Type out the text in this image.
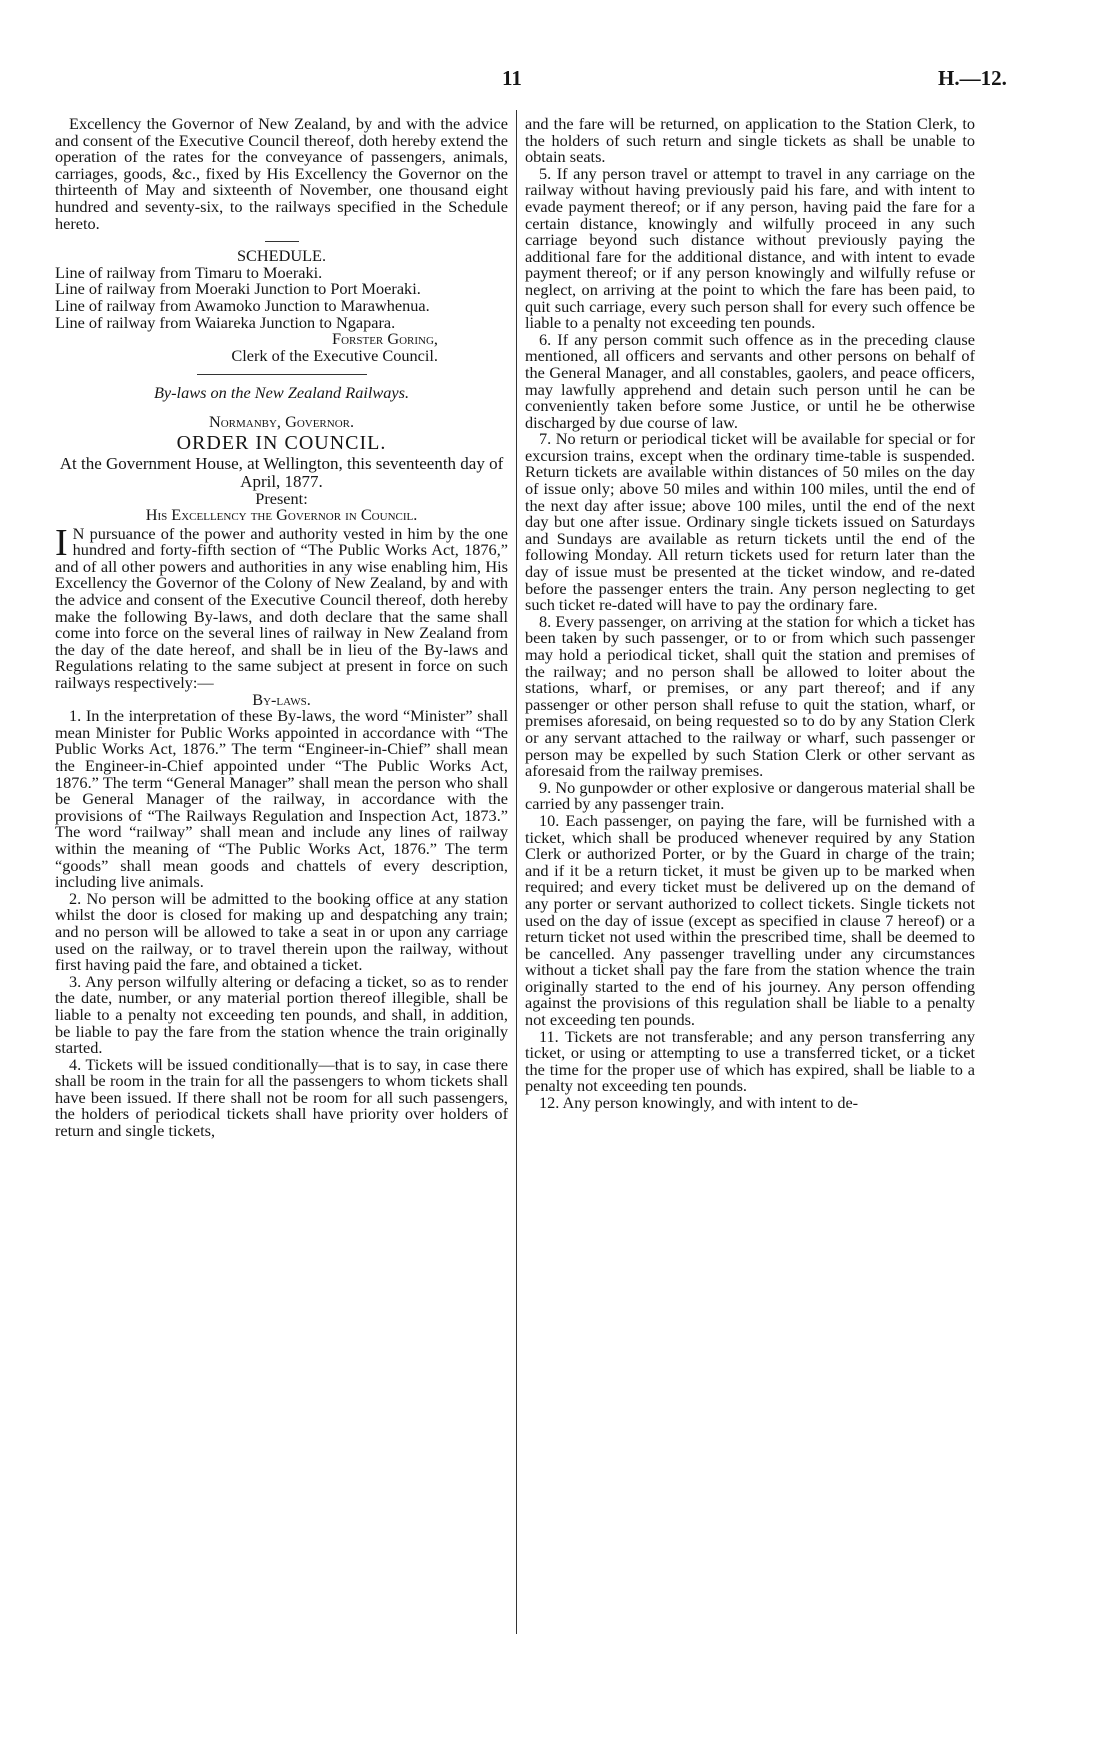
11	H.—12.

Excellency the Governor of New Zealand, by and with the advice and consent of the Executive Council thereof, doth hereby extend the operation of the rates for the conveyance of passengers, animals, carriages, goods, &c., fixed by His Excellency the Governor on the thirteenth of May and sixteenth of November, one thousand eight hundred and seventy-six, to the railways specified in the Schedule hereto.

SCHEDULE.

Line of railway from Timaru to Moeraki.

Line of railway from Moeraki Junction to Port Moeraki.

Line of railway from Awamoko Junction to Marawhenua.

Line of railway from Waiareka Junction to Ngapara.

Forster Goring,

Clerk of the Executive Council.

By-laws on the New Zealand Railways.

Normanby, Governor.

ORDER IN COUNCIL.

At the Government House, at Wellington, this seventeenth day of April, 1877.

Present:

His Excellency the Governor in Council.

I N pursuance of the power and authority vested in him by the one hundred and forty-fifth section of “The Public Works Act, 1876,” and of all other powers and authorities in any wise enabling him, His Excellency the Governor of the Colony of New Zealand, by and with the advice and consent of the Executive Council thereof, doth hereby make the following By-laws, and doth declare that the same shall come into force on the several lines of railway in New Zealand from the day of the date hereof, and shall be in lieu of the By-laws and Regulations relating to the same subject at present in force on such railways respectively:—

By-laws.

1. In the interpretation of these By-laws, the word “Minister” shall mean Minister for Public Works appointed in accordance with “The Public Works Act, 1876.” The term “Engineer-in-Chief” shall mean the Engineer-in-Chief appointed under “The Public Works Act, 1876.” The term “General Manager” shall mean the person who shall be General Manager of the railway, in accordance with the provisions of “The Railways Regulation and Inspection Act, 1873.” The word “railway” shall mean and include any lines of railway within the meaning of “The Public Works Act, 1876.” The term “goods” shall mean goods and chattels of every description, including live animals.

2. No person will be admitted to the booking office at any station whilst the door is closed for making up and despatching any train; and no person will be allowed to take a seat in or upon any carriage used on the railway, or to travel therein upon the railway, without first having paid the fare, and obtained a ticket.

3. Any person wilfully altering or defacing a ticket, so as to render the date, number, or any material portion thereof illegible, shall be liable to a penalty not exceeding ten pounds, and shall, in addition, be liable to pay the fare from the station whence the train originally started.

4. Tickets will be issued conditionally—that is to say, in case there shall be room in the train for all the passengers to whom tickets shall have been issued. If there shall not be room for all such passengers, the holders of periodical tickets shall have priority over holders of return and single tickets,

and the fare will be returned, on application to the Station Clerk, to the holders of such return and single tickets as shall be unable to obtain seats.

5. If any person travel or attempt to travel in any carriage on the railway without having previously paid his fare, and with intent to evade payment thereof; or if any person, having paid the fare for a certain distance, knowingly and wilfully proceed in any such carriage beyond such distance without previously paying the additional fare for the additional distance, and with intent to evade payment thereof; or if any person knowingly and wilfully refuse or neglect, on arriving at the point to which the fare has been paid, to quit such carriage, every such person shall for every such offence be liable to a penalty not exceeding ten pounds.

6. If any person commit such offence as in the preceding clause mentioned, all officers and servants and other persons on behalf of the General Manager, and all constables, gaolers, and peace officers, may lawfully apprehend and detain such person until he can be conveniently taken before some Justice, or until he be otherwise discharged by due course of law.

7. No return or periodical ticket will be available for special or for excursion trains, except when the ordinary time-table is suspended. Return tickets are available within distances of 50 miles on the day of issue only; above 50 miles and within 100 miles, until the end of the next day after issue; above 100 miles, until the end of the next day but one after issue. Ordinary single tickets issued on Saturdays and Sundays are available as return tickets until the end of the following Monday. All return tickets used for return later than the day of issue must be presented at the ticket window, and re-dated before the passenger enters the train. Any person neglecting to get such ticket re-dated will have to pay the ordinary fare.

8. Every passenger, on arriving at the station for which a ticket has been taken by such passenger, or to or from which such passenger may hold a periodical ticket, shall quit the station and premises of the railway; and no person shall be allowed to loiter about the stations, wharf, or premises, or any part thereof; and if any passenger or other person shall refuse to quit the station, wharf, or premises aforesaid, on being requested so to do by any Station Clerk or any servant attached to the railway or wharf, such passenger or person may be expelled by such Station Clerk or other servant as aforesaid from the railway premises.

9. No gunpowder or other explosive or dangerous material shall be carried by any passenger train.

10. Each passenger, on paying the fare, will be furnished with a ticket, which shall be produced whenever required by any Station Clerk or authorized Porter, or by the Guard in charge of the train; and if it be a return ticket, it must be given up to be marked when required; and every ticket must be delivered up on the demand of any porter or servant authorized to collect tickets. Single tickets not used on the day of issue (except as specified in clause 7 hereof) or a return ticket not used within the prescribed time, shall be deemed to be cancelled. Any passenger travelling under any circumstances without a ticket shall pay the fare from the station whence the train originally started to the end of his journey. Any person offending against the provisions of this regulation shall be liable to a penalty not exceeding ten pounds.

11. Tickets are not transferable; and any person transferring any ticket, or using or attempting to use a transferred ticket, or a ticket the time for the proper use of which has expired, shall be liable to a penalty not exceeding ten pounds.

12. Any person knowingly, and with intent to de-
